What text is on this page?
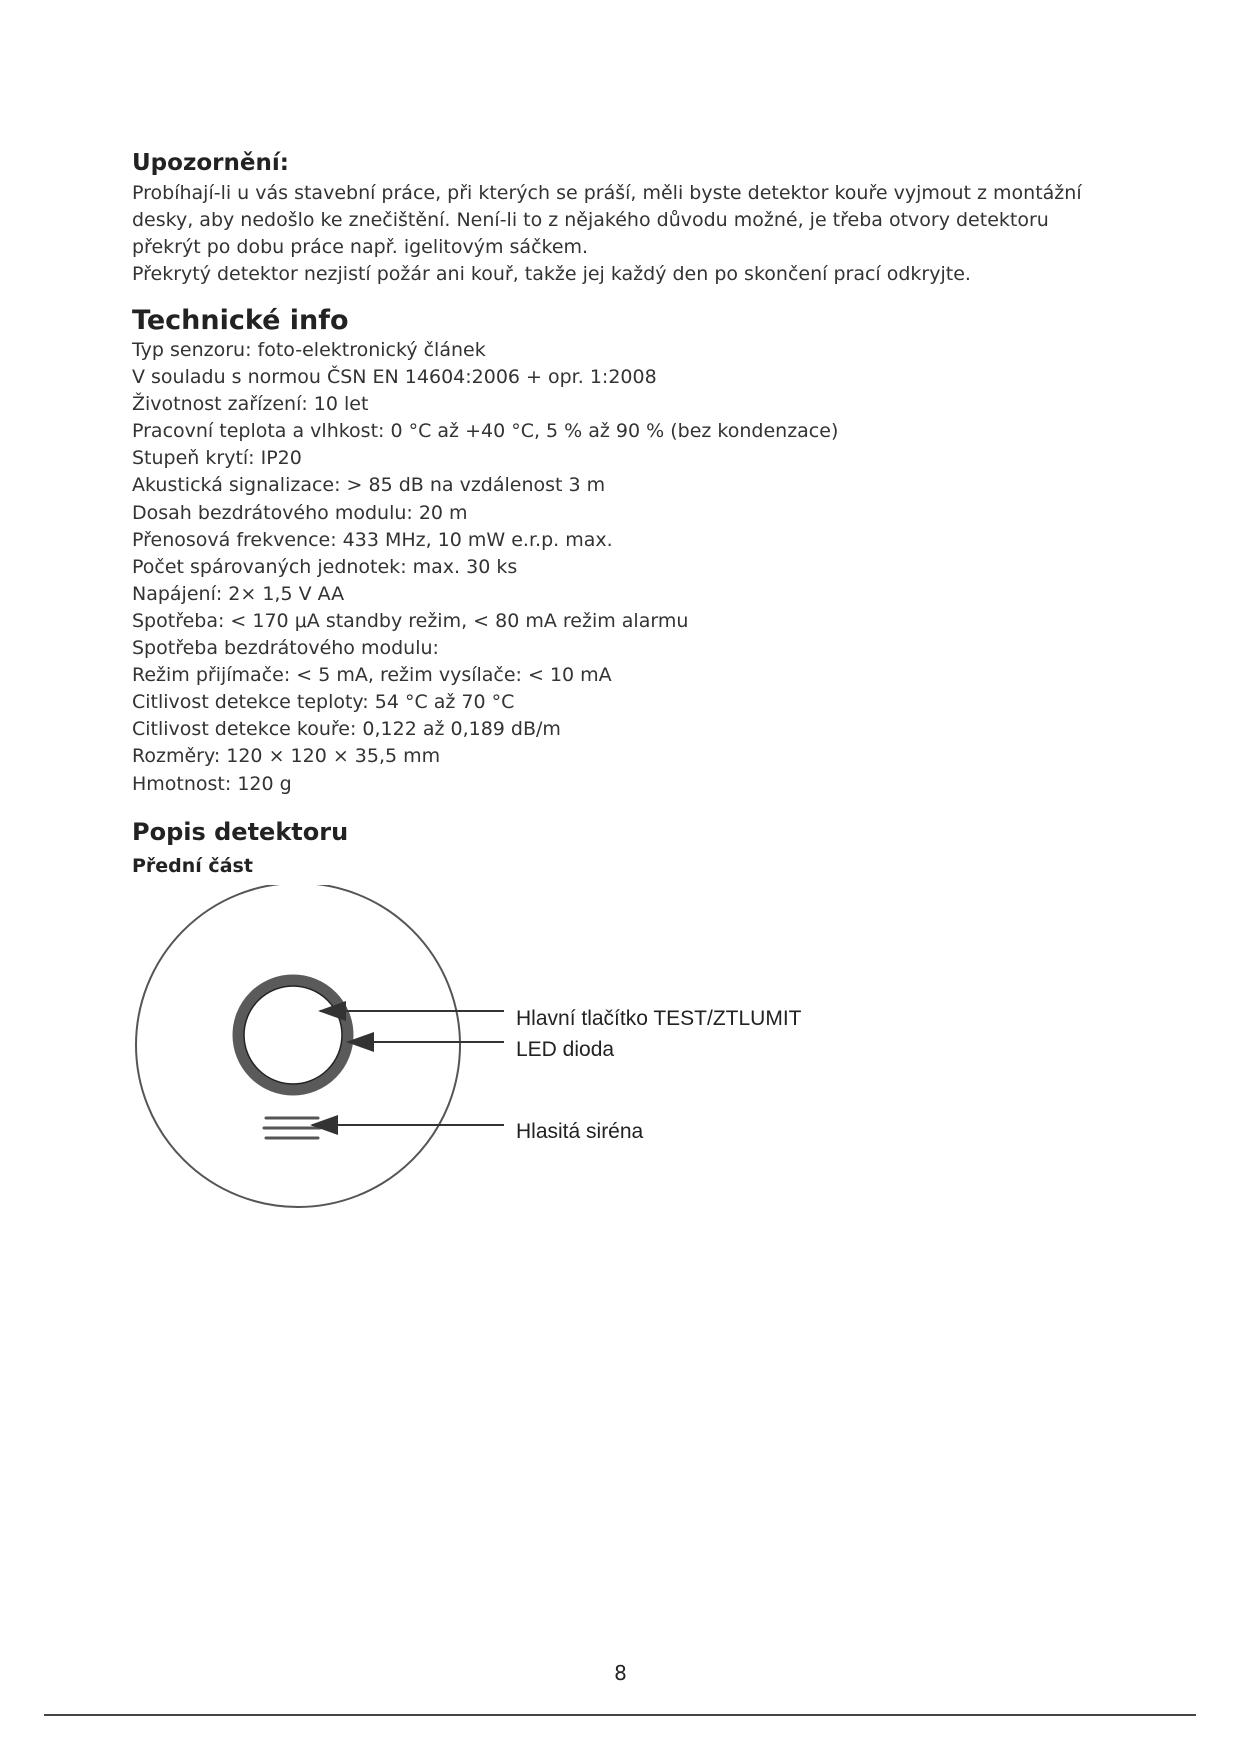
Upozornění:
Probíhají-li u vás stavební práce, při kterých se práší, měli byste detektor kouře vyjmout z montážní
desky, aby nedošlo ke znečištění. Není-li to z nějakého důvodu možné, je třeba otvory detektoru
překrýt po dobu práce např. igelitovým sáčkem.
Překrytý detektor nezjistí požár ani kouř, takže jej každý den po skončení prací odkryjte.
Technické info
Typ senzoru: foto-elektronický článek
V souladu s normou ČSN EN 14604:2006 + opr. 1:2008
Životnost zařízení: 10 let
Pracovní teplota a vlhkost: 0 °C až +40 °C, 5 % až 90 % (bez kondenzace)
Stupeň krytí: IP20
Akustická signalizace: > 85 dB na vzdálenost 3 m
Dosah bezdrátového modulu: 20 m
Přenosová frekvence: 433 MHz, 10 mW e.r.p. max.
Počet spárovaných jednotek: max. 30 ks
Napájení: 2× 1,5 V AA
Spotřeba: < 170 μA standby režim, < 80 mA režim alarmu
Spotřeba bezdrátového modulu:
Režim přijímače: < 5 mA, režim vysílače: < 10 mA
Citlivost detekce teploty: 54 °C až 70 °C
Citlivost detekce kouře: 0,122 až 0,189 dB/m
Rozměry: 120 × 120 × 35,5 mm
Hmotnost: 120 g
Popis detektoru
Přední část
Hlavní tlačítko TEST/ZTLUMIT
LED dioda
Hlasitá siréna
8
